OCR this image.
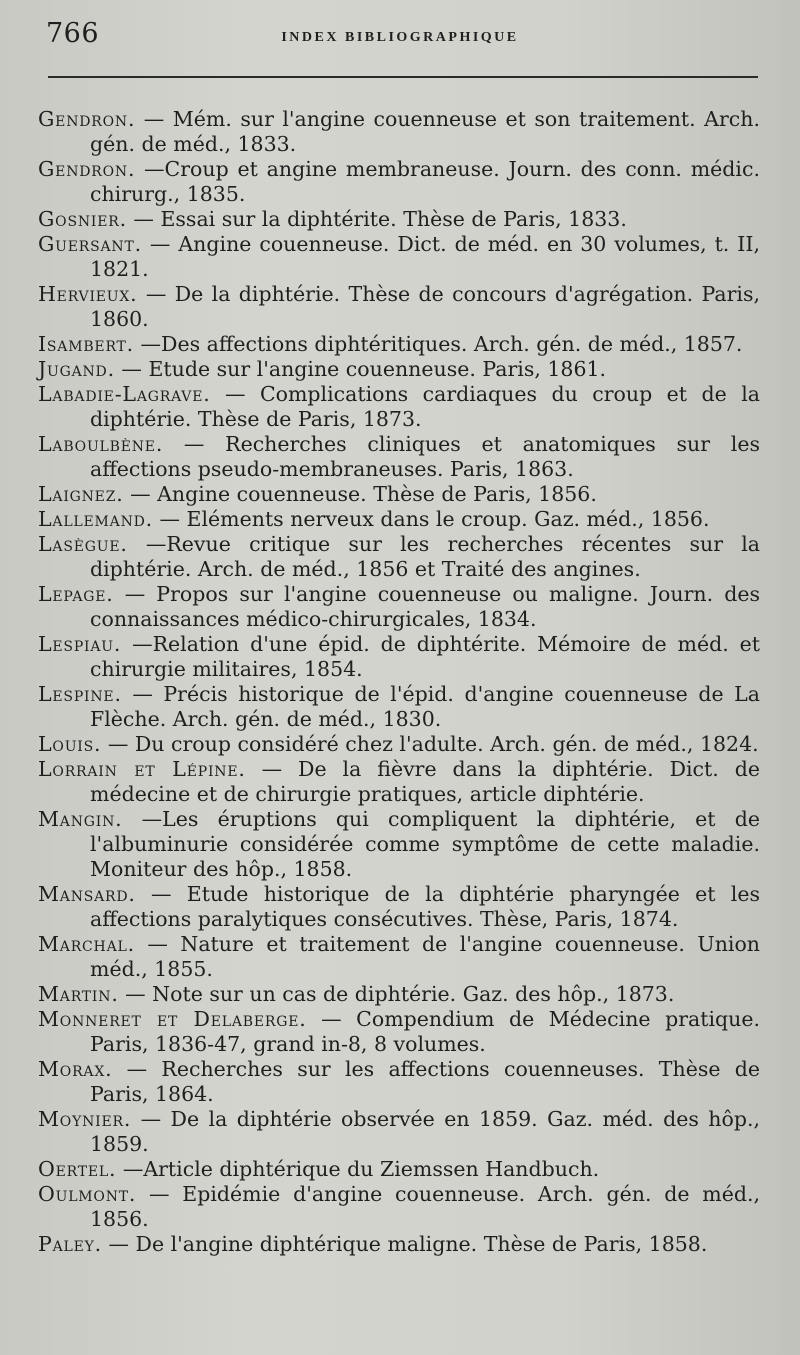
766	INDEX BIBLIOGRAPHIQUE

Gendron. — Mém. sur l'angine couenneuse et son traitement. Arch. gén. de méd., 1833.

Gendron. —Croup et angine membraneuse. Journ. des conn. médic. chirurg., 1835.

Gosnier. — Essai sur la diphtérite. Thèse de Paris, 1833.

Guersant. — Angine couenneuse. Dict. de méd. en 30 volumes, t. II, 1821.

Hervieux. — De la diphtérie. Thèse de concours d'agrégation. Paris, 1860.

Isambert. —Des affections diphtéritiques. Arch. gén. de méd., 1857.

Jugand. — Etude sur l'angine couenneuse. Paris, 1861.

Labadie-Lagrave. — Complications cardiaques du croup et de la diphtérie. Thèse de Paris, 1873.

Laboulbène. — Recherches cliniques et anatomiques sur les affections pseudo-membraneuses. Paris, 1863.

Laignez. — Angine couenneuse. Thèse de Paris, 1856.

Lallemand. — Eléments nerveux dans le croup. Gaz. méd., 1856.

Lasègue. —Revue critique sur les recherches récentes sur la diphtérie. Arch. de méd., 1856 et Traité des angines.

Lepage. — Propos sur l'angine couenneuse ou maligne. Journ. des connaissances médico-chirurgicales, 1834.

Lespiau. —Relation d'une épid. de diphtérite. Mémoire de méd. et chirurgie militaires, 1854.

Lespine. — Précis historique de l'épid. d'angine couenneuse de La Flèche. Arch. gén. de méd., 1830.

Louis. — Du croup considéré chez l'adulte. Arch. gén. de méd., 1824.

Lorrain et Lépine. — De la fièvre dans la diphtérie. Dict. de médecine et de chirurgie pratiques, article diphtérie.

Mangin. —Les éruptions qui compliquent la diphtérie, et de l'albuminurie considérée comme symptôme de cette maladie. Moniteur des hôp., 1858.

Mansard. — Etude historique de la diphtérie pharyngée et les affections paralytiques consécutives. Thèse, Paris, 1874.

Marchal. — Nature et traitement de l'angine couenneuse. Union méd., 1855.

Martin. — Note sur un cas de diphtérie. Gaz. des hôp., 1873.

Monneret et Delaberge. — Compendium de Médecine pratique. Paris, 1836-47, grand in-8, 8 volumes.

Morax. — Recherches sur les affections couenneuses. Thèse de Paris, 1864.

Moynier. — De la diphtérie observée en 1859. Gaz. méd. des hôp., 1859.

Oertel. —Article diphtérique du Ziemssen Handbuch.

Oulmont. — Epidémie d'angine couenneuse. Arch. gén. de méd., 1856.

Paley. — De l'angine diphtérique maligne. Thèse de Paris, 1858.
